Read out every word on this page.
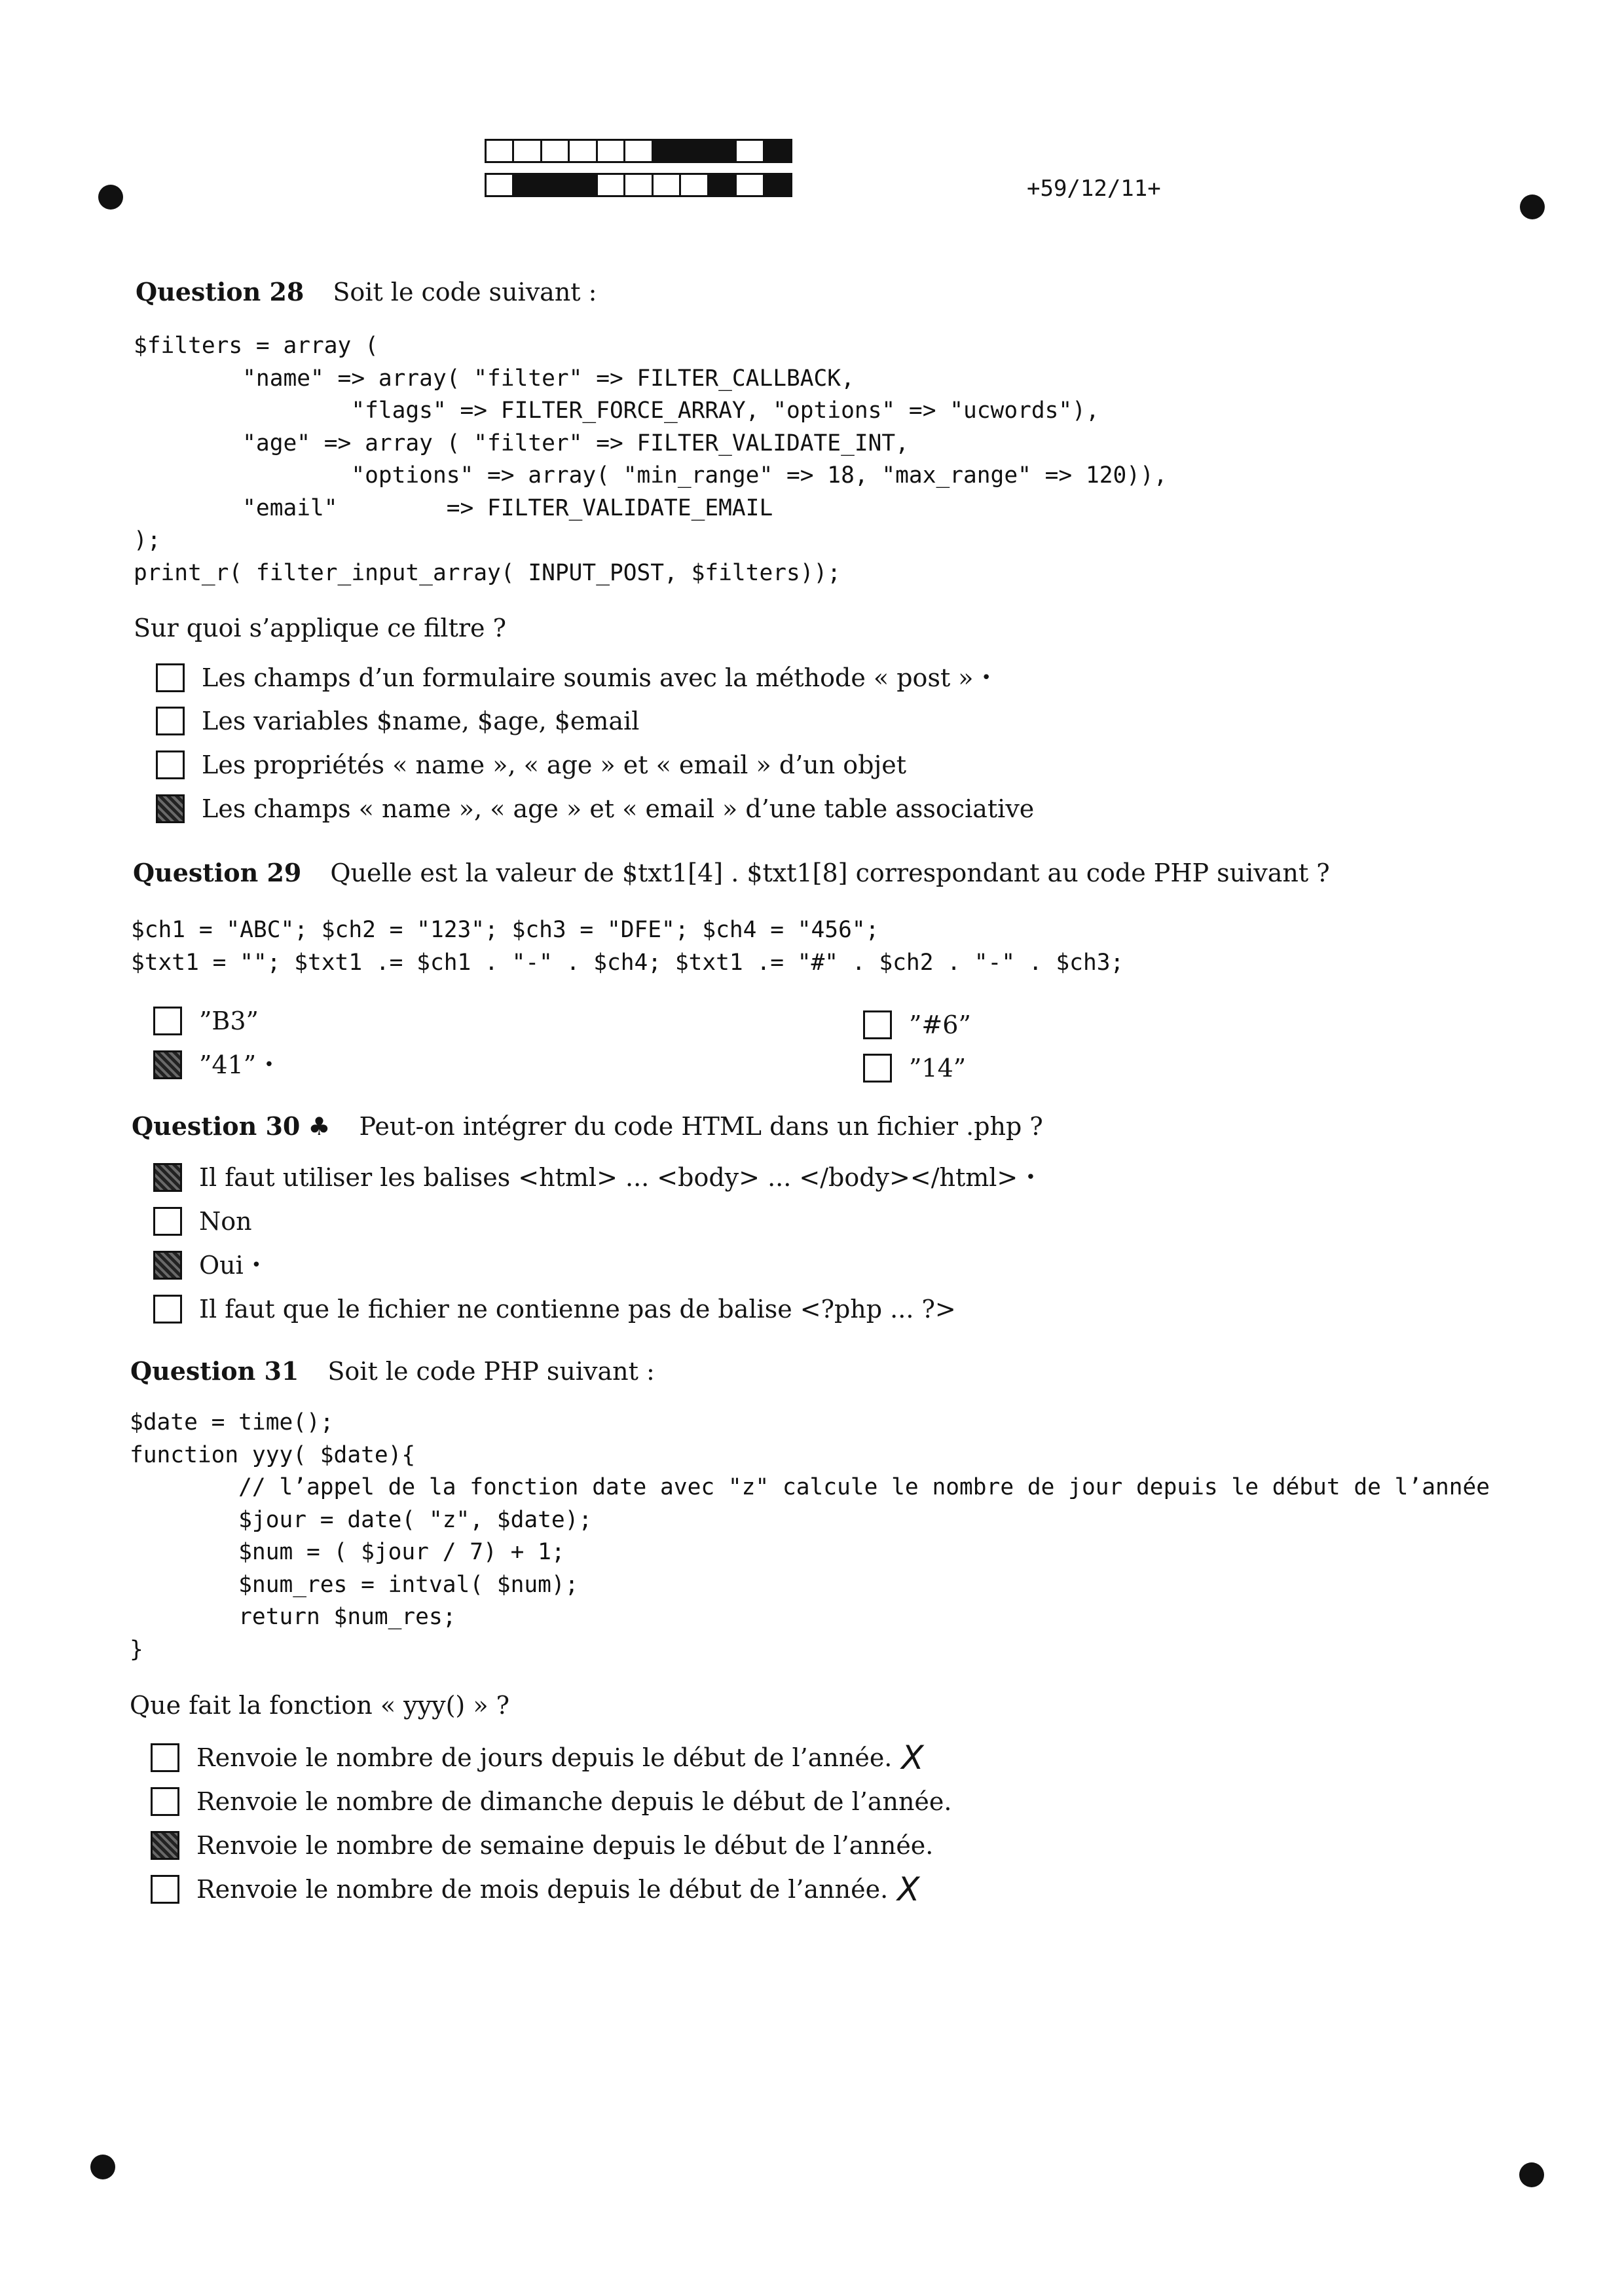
+59/12/11+
Question 28 Soit le code suivant :
$filters = array (
"name" => array( "filter" => FILTER_CALLBACK,
"flags" => FILTER_FORCE_ARRAY, "options" => "ucwords"),
"age" => array ( "filter" => FILTER_VALIDATE_INT,
"options" => array( "min_range" => 18, "max_range" => 120)),
"email"        => FILTER_VALIDATE_EMAIL
);
print_r( filter_input_array( INPUT_POST, $filters));
Sur quoi s’applique ce filtre ?
Les champs d’un formulaire soumis avec la méthode « post » •
Les variables $name, $age, $email
Les propriétés « name », « age » et « email » d’un objet
Les champs « name », « age » et « email » d’une table associative
Question 29 Quelle est la valeur de $txt1[4] . $txt1[8] correspondant au code PHP suivant ?
$ch1 = "ABC"; $ch2 = "123"; $ch3 = "DFE"; $ch4 = "456";
$txt1 = ""; $txt1 .= $ch1 . "-" . $ch4; $txt1 .= "#" . $ch2 . "-" . $ch3;
”B3”
”41” •
”#6”
”14”
Question 30 ♣ Peut-on intégrer du code HTML dans un fichier .php ?
Il faut utiliser les balises <html> ... <body> ... </body></html> •
Non
Oui •
Il faut que le fichier ne contienne pas de balise <?php ... ?>
Question 31 Soit le code PHP suivant :
$date = time();
function yyy( $date){
// l’appel de la fonction date avec "z" calcule le nombre de jour depuis le début de l’année
$jour = date( "z", $date);
$num = ( $jour / 7) + 1;
$num_res = intval( $num);
return $num_res;
}
Que fait la fonction « yyy() » ?
Renvoie le nombre de jours depuis le début de l’année. X
Renvoie le nombre de dimanche depuis le début de l’année.
Renvoie le nombre de semaine depuis le début de l’année.
Renvoie le nombre de mois depuis le début de l’année. X
